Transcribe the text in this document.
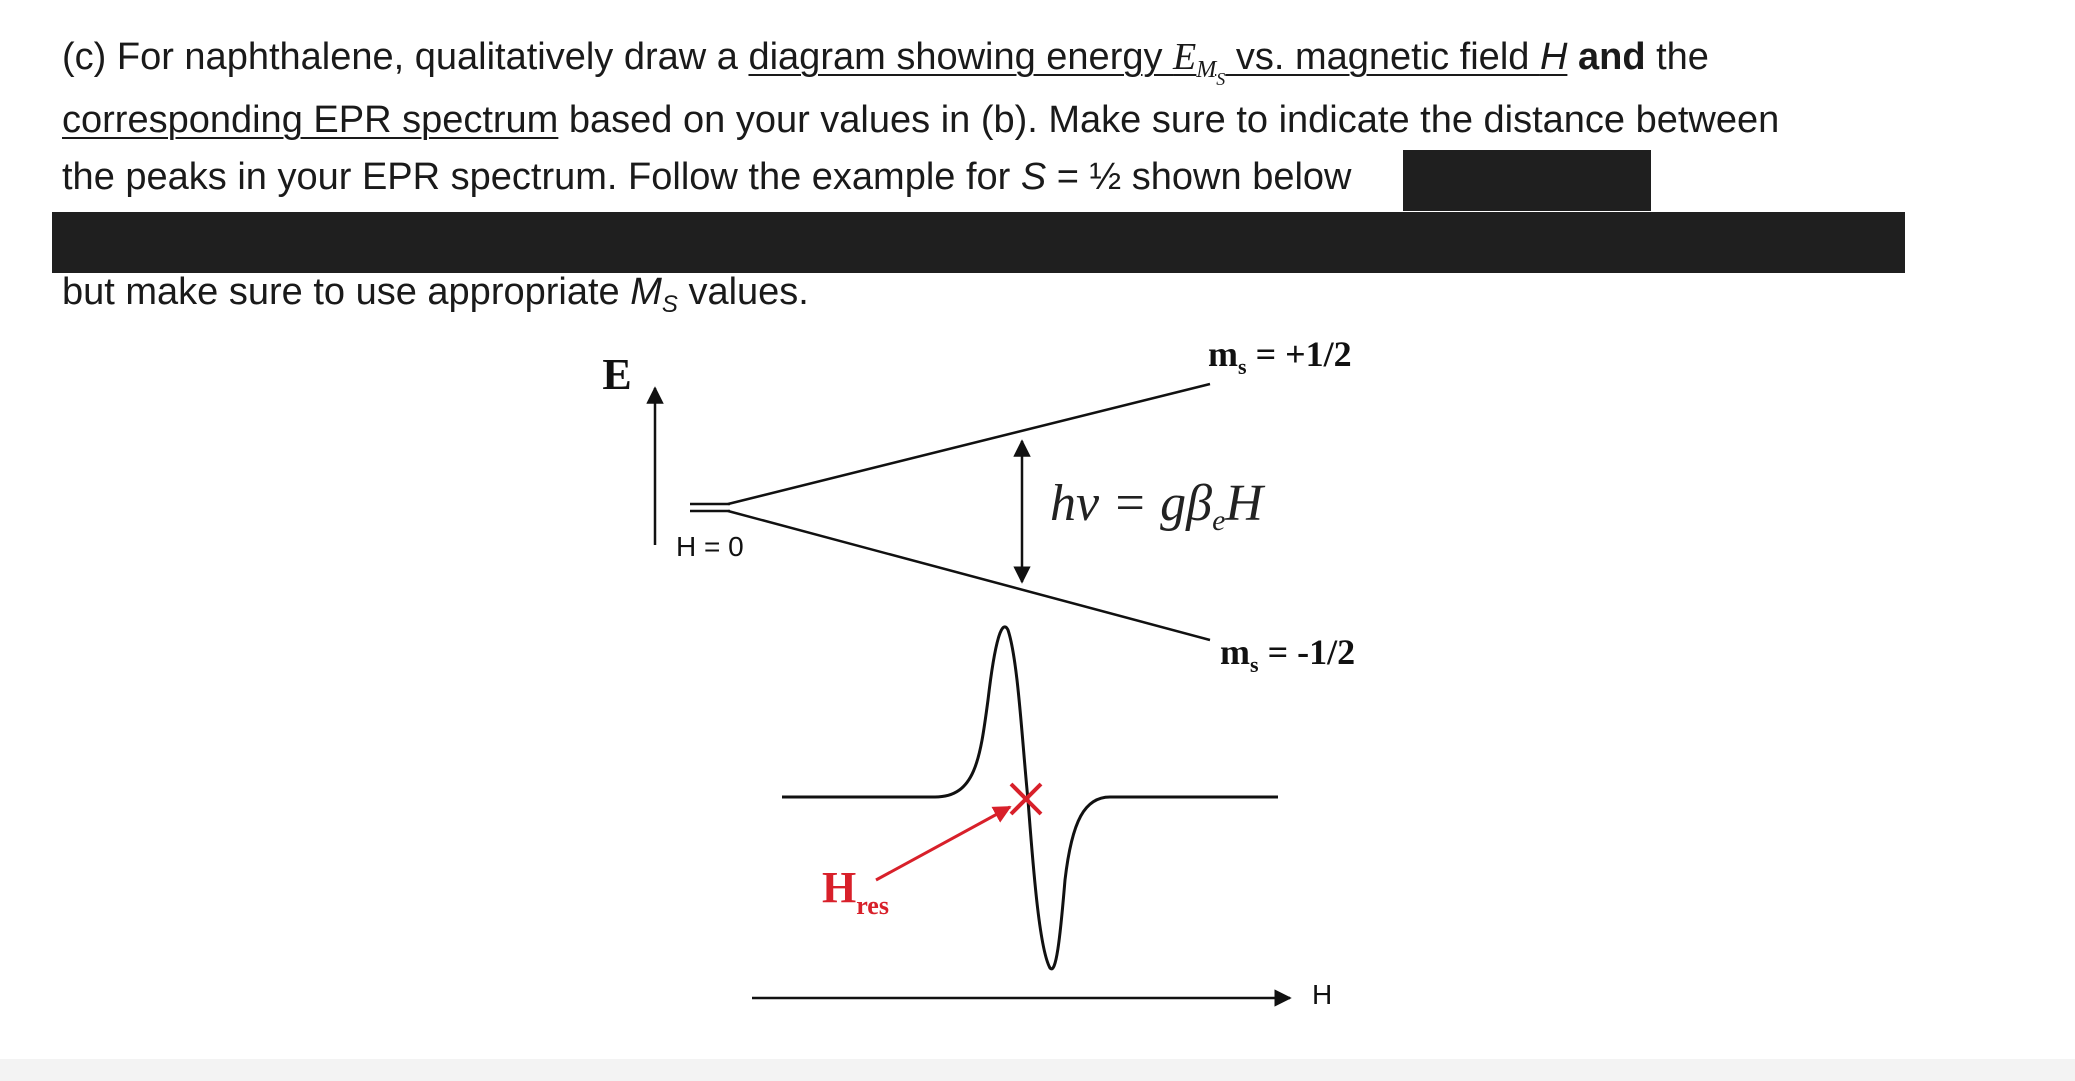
(c) For naphthalene, qualitatively draw a diagram showing energy $E_{M_S}$ vs. magnetic field H and the
corresponding EPR spectrum based on your values in (b). Make sure to indicate the distance between
the peaks in your EPR spectrum. Follow the example for S = ½ shown below
but make sure to use appropriate $M_S$ values.
E
H = 0
$m_s = +1/2$
$m_s = -1/2$
hν = gβeH
$H_{res}$
H
